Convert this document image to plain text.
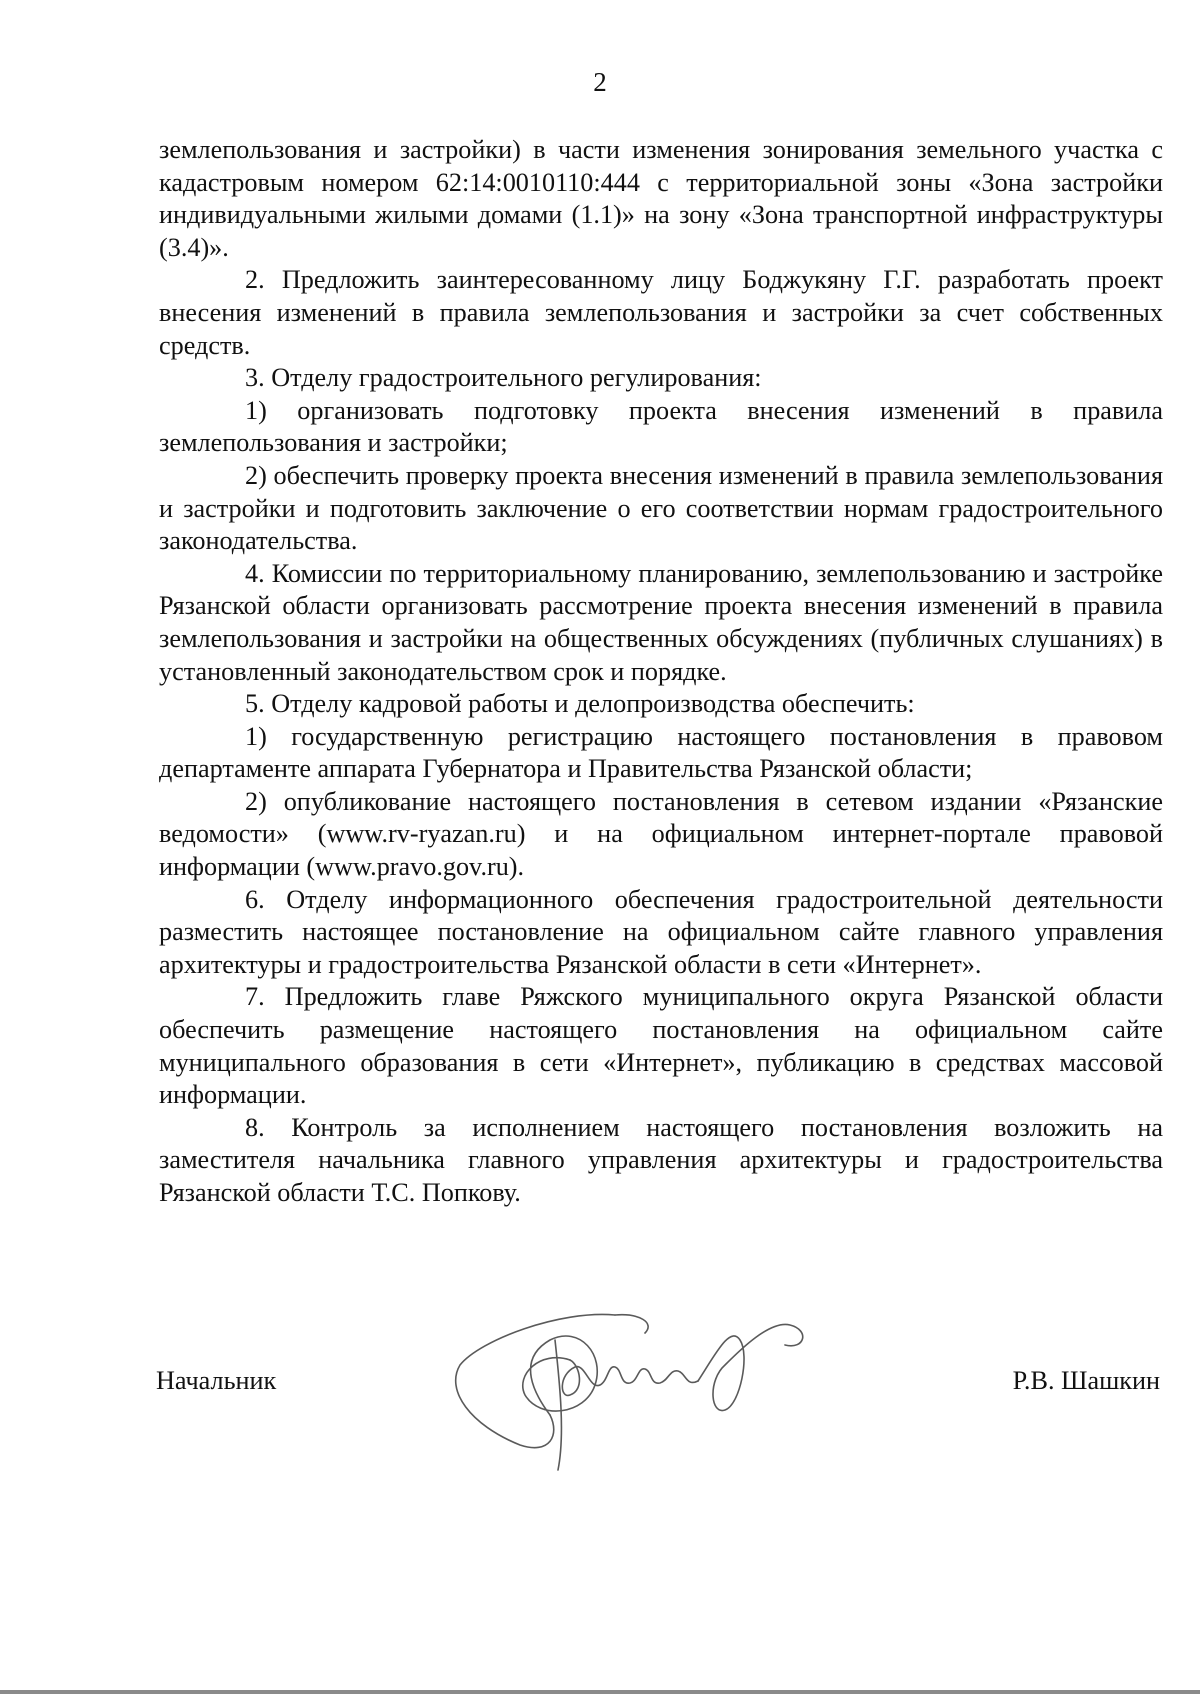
2

землепользования и застройки) в части изменения зонирования земельного участка с кадастровым номером 62:14:0010110:444 с территориальной зоны «Зона застройки индивидуальными жилыми домами (1.1)» на зону «Зона транспортной инфраструктуры (3.4)».

2. Предложить заинтересованному лицу Боджукяну Г.Г. разработать проект внесения изменений в правила землепользования и застройки за счет собственных средств.

3. Отделу градостроительного регулирования:

1) организовать подготовку проекта внесения изменений в правила землепользования и застройки;

2) обеспечить проверку проекта внесения изменений в правила землепользования и застройки и подготовить заключение о его соответствии нормам градостроительного законодательства.

4. Комиссии по территориальному планированию, землепользованию и застройке Рязанской области организовать рассмотрение проекта внесения изменений в правила землепользования и застройки на общественных обсуждениях (публичных слушаниях) в установленный законодательством срок и порядке.

5. Отделу кадровой работы и делопроизводства обеспечить:

1) государственную регистрацию настоящего постановления в правовом департаменте аппарата Губернатора и Правительства Рязанской области;

2) опубликование настоящего постановления в сетевом издании «Рязанские ведомости» (www.rv-ryazan.ru) и на официальном интернет-портале правовой информации (www.pravo.gov.ru).

6. Отделу информационного обеспечения градостроительной деятельности разместить настоящее постановление на официальном сайте главного управления архитектуры и градостроительства Рязанской области в сети «Интернет».

7. Предложить главе Ряжского муниципального округа Рязанской области обеспечить размещение настоящего постановления на официальном сайте муниципального образования в сети «Интернет», публикацию в средствах массовой информации.

8. Контроль за исполнением настоящего постановления возложить на заместителя начальника главного управления архитектуры и градостроительства Рязанской области Т.С. Попкову.

Начальник	Р.В. Шашкин
